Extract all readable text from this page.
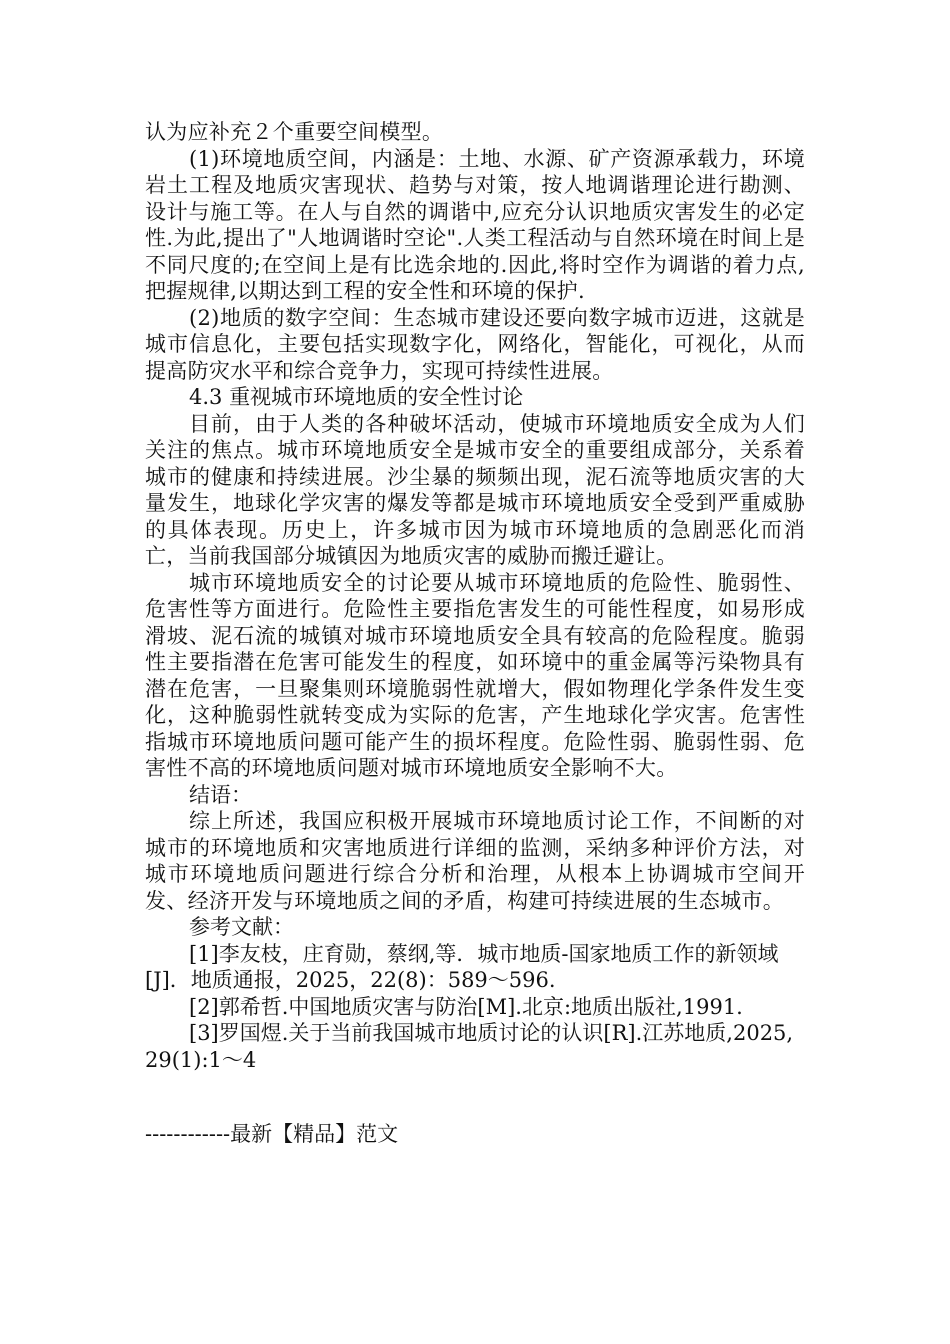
认为应补充２个重要空间模型。

(1)环境地质空间，内涵是：土地、水源、矿产资源承载力，环境岩土工程及地质灾害现状、趋势与对策，按人地调谐理论进行勘测、设计与施工等。在人与自然的调谐中,应充分认识地质灾害发生的必定性.为此,提出了"人地调谐时空论".人类工程活动与自然环境在时间上是不同尺度的;在空间上是有比选余地的.因此,将时空作为调谐的着力点,把握规律,以期达到工程的安全性和环境的保护.

(2)地质的数字空间：生态城市建设还要向数字城市迈进，这就是城市信息化，主要包括实现数字化，网络化，智能化，可视化，从而提高防灾水平和综合竞争力，实现可持续性进展。

4.3 重视城市环境地质的安全性讨论

目前，由于人类的各种破坏活动，使城市环境地质安全成为人们关注的焦点。城市环境地质安全是城市安全的重要组成部分，关系着城市的健康和持续进展。沙尘暴的频频出现，泥石流等地质灾害的大量发生，地球化学灾害的爆发等都是城市环境地质安全受到严重威胁的具体表现。历史上，许多城市因为城市环境地质的急剧恶化而消亡，当前我国部分城镇因为地质灾害的威胁而搬迁避让。

城市环境地质安全的讨论要从城市环境地质的危险性、脆弱性、危害性等方面进行。危险性主要指危害发生的可能性程度，如易形成滑坡、泥石流的城镇对城市环境地质安全具有较高的危险程度。脆弱性主要指潜在危害可能发生的程度，如环境中的重金属等污染物具有潜在危害，一旦聚集则环境脆弱性就增大，假如物理化学条件发生变化，这种脆弱性就转变成为实际的危害，产生地球化学灾害。危害性指城市环境地质问题可能产生的损坏程度。危险性弱、脆弱性弱、危害性不高的环境地质问题对城市环境地质安全影响不大。

结语：

综上所述，我国应积极开展城市环境地质讨论工作，不间断的对城市的环境地质和灾害地质进行详细的监测，采纳多种评价方法，对城市环境地质问题进行综合分析和治理，从根本上协调城市空间开发、经济开发与环境地质之间的矛盾，构建可持续进展的生态城市。

参考文献：

[1]李友枝，庄育勋，蔡纲,等．城市地质-国家地质工作的新领域[J]．地质通报，2025，22(8)：589～596.

[2]郭希哲.中国地质灾害与防治[M].北京:地质出版社,1991.

[3]罗国煜.关于当前我国城市地质讨论的认识[R].江苏地质,2025,29(1):1～4

------------最新【精品】范文
